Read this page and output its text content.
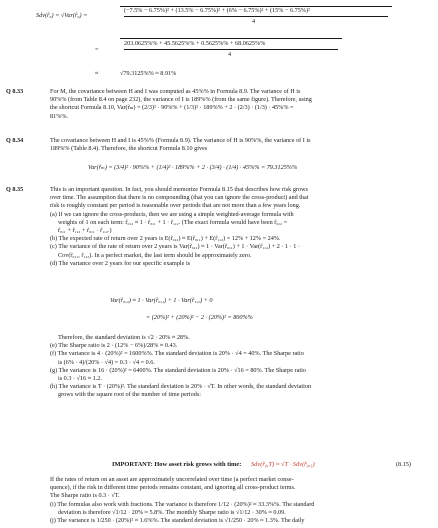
Sdv(r̃₀) = √Var(r̃₀) =
(−7.5% − 6.75%)² + (13.5% − 6.75%)² + (6% − 6.75%)² + (15% − 6.75%)²
4
=
203.0625%% + 45.5625%% + 0.5625%% + 68.0625%%
4
≈	√79.3125%% ≈ 8.91%
Q 8.33	For M, the covariance between H and I was computed as 45%% in Formula 8.9. The variance of H is
90%% (from Table 8.4 on page 232), the variance of I is 189%% (from the same figure). Therefore, using
the shortcut Formula 8.10, Var(r̃ₘ) = (2/3)² · 90%% + (1/3)² · 189%% + 2 · (2/3) · (1/3) · 45%% =
81%%.
Q 8.34	The covariance between H and I is 45%% (Formula 8.9). The variance of H is 90%%, the variance of I is
189%% (Table 8.4). Therefore, the shortcut Formula 8.10 gives
Var(r̃ₘ) = (3/4)² · 90%% + (1/4)² · 189%% + 2 · (3/4) · (1/4) · 45%% = 79.3125%%
Q 8.35	This is an important question. In fact, you should memorize Formula 8.15 that describes how risk grows
over time. The assumption that there is no compounding (that you can ignore the cross-product) and that
risk is roughly constant per period is reasonable over periods that are not more than a few years long.
(a) If we can ignore the cross-products, then we are using a simple weighted-average formula with
weights of 1 on each term: r̃₀,₂ ≈ 1 · r̃₀,₁ + 1 · r̃₁,₂. (The exact formula would have been r̃₀,₂ =
r̃₀,₁ + r̃₁,₂ + r̃₀,₁ · r̃₁,₂.)
(b) The expected rate of return over 2 years is E(r̃₀,₂) ≈ E(r̃₀,₁) + E(r̃₁,₂) = 12% + 12% = 24%.
(c) The variance of the rate of return over 2 years is Var(r̃₀,₂) ≈ 1 · Var(r̃₀,₁) + 1 · Var(r̃₁,₂) + 2 · 1 · 1 ·
Cov(r̃₀,₁, r̃₁,₂). In a perfect market, the last term should be approximately zero.
(d) The variance over 2 years for our specific example is
Var(r̃₀,₂) ≈ 1 · Var(r̃₀,₁) + 1 · Var(r̃₁,₂) + 0
= (20%)² + (20%)² − 2 · (20%)² = 800%%
Therefore, the standard deviation is √2 · 20% ≈ 28%.
(e) The Sharpe ratio is 2 · (12% − 6%)/28% ≈ 0.43.
(f) The variance is 4 · (20%)² = 1600%%. The standard deviation is 20% · √4 = 40%. The Sharpe ratio
is (6% · 4)/(20% · √4) = 0.3 · √4 = 0.6.
(g) The variance is 16 · (20%)² = 6400%. The standard deviation is 20% · √16 = 80%. The Sharpe ratio
is 0.3 · √16 ≈ 1.2.
(h) The variance is T · (20%)². The standard deviation is 20% · √T. In other words, the standard deviation
grows with the square root of the number of time periods:
IMPORTANT: How asset risk grows with time: Sdv(r̃₀,T) ≈ √T · Sdv(r̃₀,₁)	(8.15)
If the rates of return on an asset are approximately uncorrelated over time (a perfect market conse-
quence), if the risk in different time periods remains constant, and ignoring all cross-product terms.
The Sharpe ratio is 0.3 · √T.
(i) The formulas also work with fractions. The variance is therefore 1/12 · (20%)² ≈ 33.3%%. The standard
deviation is therefore √1/12 · 20% ≈ 5.8%. The monthly Sharpe ratio is √1/12 · 30% ≈ 0.09.
(j) The variance is 1/250 · (20%)² ≈ 1.6%%. The standard deviation is √1/250 · 20% ≈ 1.3%. The daily
